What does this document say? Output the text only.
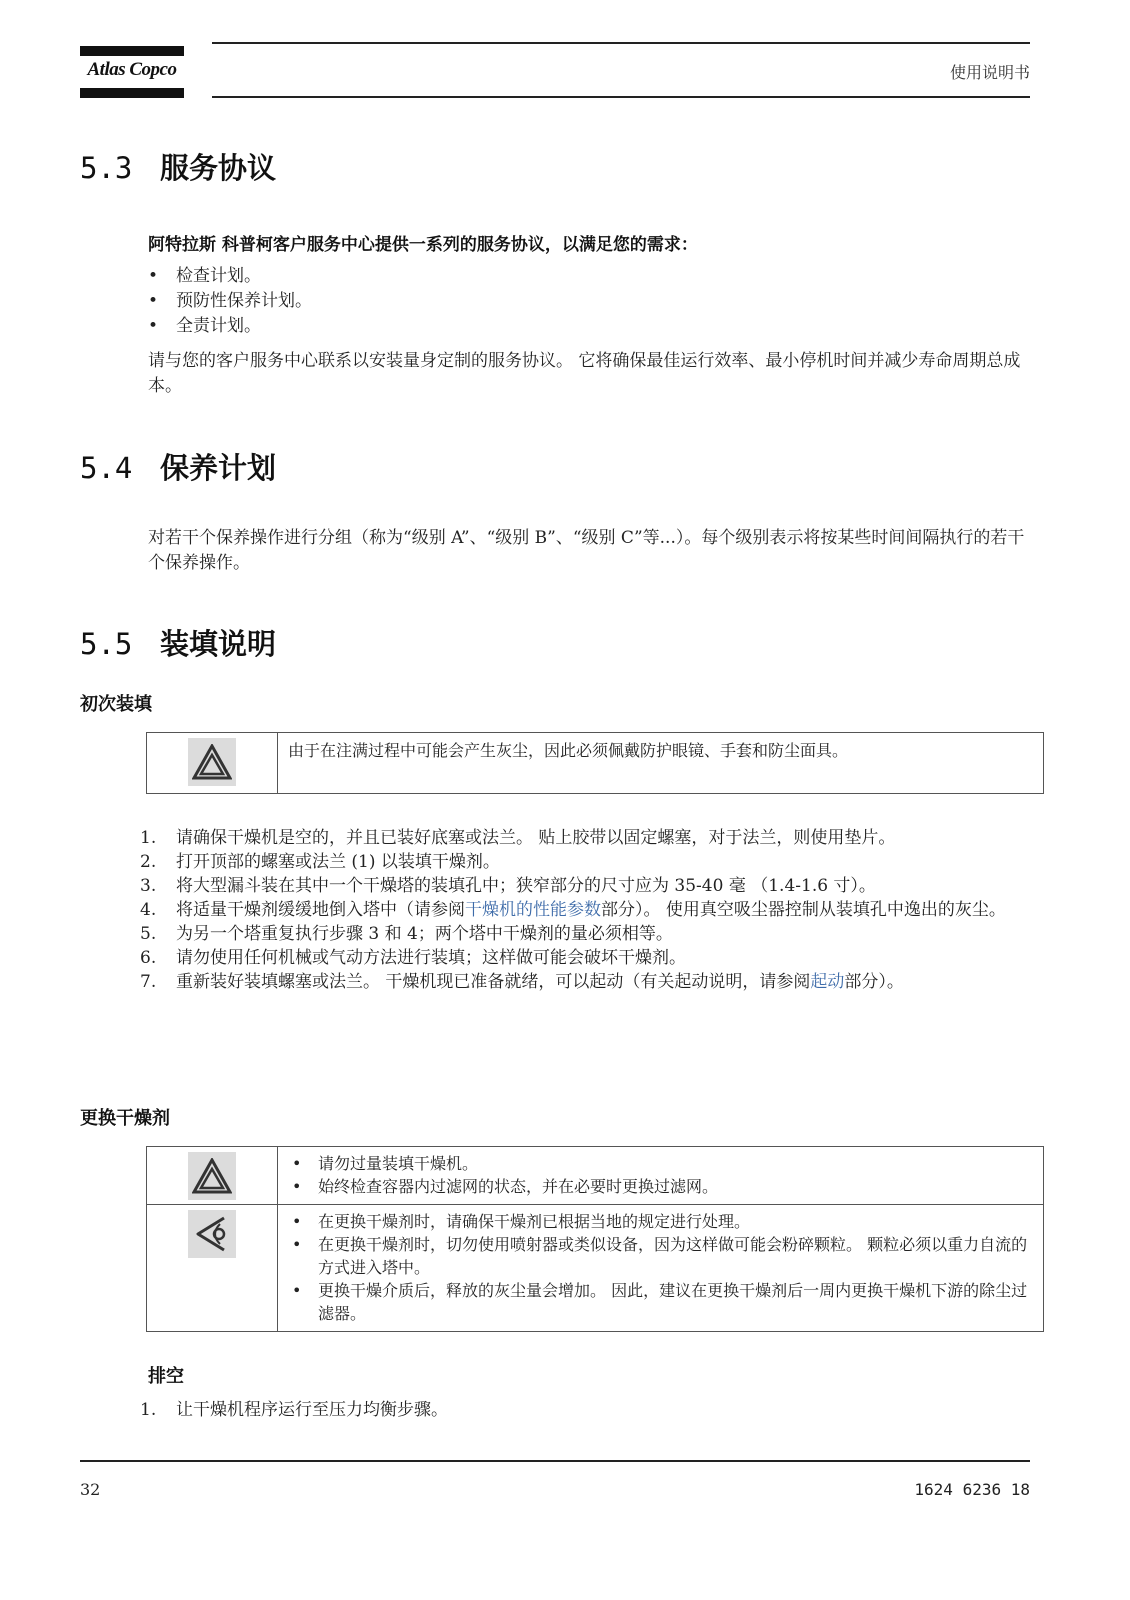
Atlas Copco	使用说明书
5.3 服务协议
阿特拉斯 科普柯客户服务中心提供一系列的服务协议，以满足您的需求：
• 检查计划。
• 预防性保养计划。
• 全责计划。
请与您的客户服务中心联系以安装量身定制的服务协议。 它将确保最佳运行效率、最小停机时间并减少寿命周期总成本。
5.4 保养计划
对若干个保养操作进行分组（称为“级别 A”、“级别 B”、“级别 C”等...）。每个级别表示将按某些时间间隔执行的若干个保养操作。
5.5 装填说明
初次装填
由于在注满过程中可能会产生灰尘，因此必须佩戴防护眼镜、手套和防尘面具。
1. 请确保干燥机是空的，并且已装好底塞或法兰。 贴上胶带以固定螺塞，对于法兰，则使用垫片。
2. 打开顶部的螺塞或法兰 (1) 以装填干燥剂。
3. 将大型漏斗装在其中一个干燥塔的装填孔中；狭窄部分的尺寸应为 35-40 毫 （1.4-1.6 寸）。
4. 将适量干燥剂缓缓地倒入塔中（请参阅干燥机的性能参数部分）。 使用真空吸尘器控制从装填孔中逸出的灰尘。
5. 为另一个塔重复执行步骤 3 和 4；两个塔中干燥剂的量必须相等。
6. 请勿使用任何机械或气动方法进行装填；这样做可能会破坏干燥剂。
7. 重新装好装填螺塞或法兰。 干燥机现已准备就绪，可以起动（有关起动说明，请参阅起动部分）。
更换干燥剂
• 请勿过量装填干燥机。
• 始终检查容器内过滤网的状态，并在必要时更换过滤网。
• 在更换干燥剂时，请确保干燥剂已根据当地的规定进行处理。
• 在更换干燥剂时，切勿使用喷射器或类似设备，因为这样做可能会粉碎颗粒。 颗粒必须以重力自流的方式进入塔中。
• 更换干燥介质后，释放的灰尘量会增加。 因此，建议在更换干燥剂后一周内更换干燥机下游的除尘过滤器。
排空
1. 让干燥机程序运行至压力均衡步骤。
32	1624 6236 18
